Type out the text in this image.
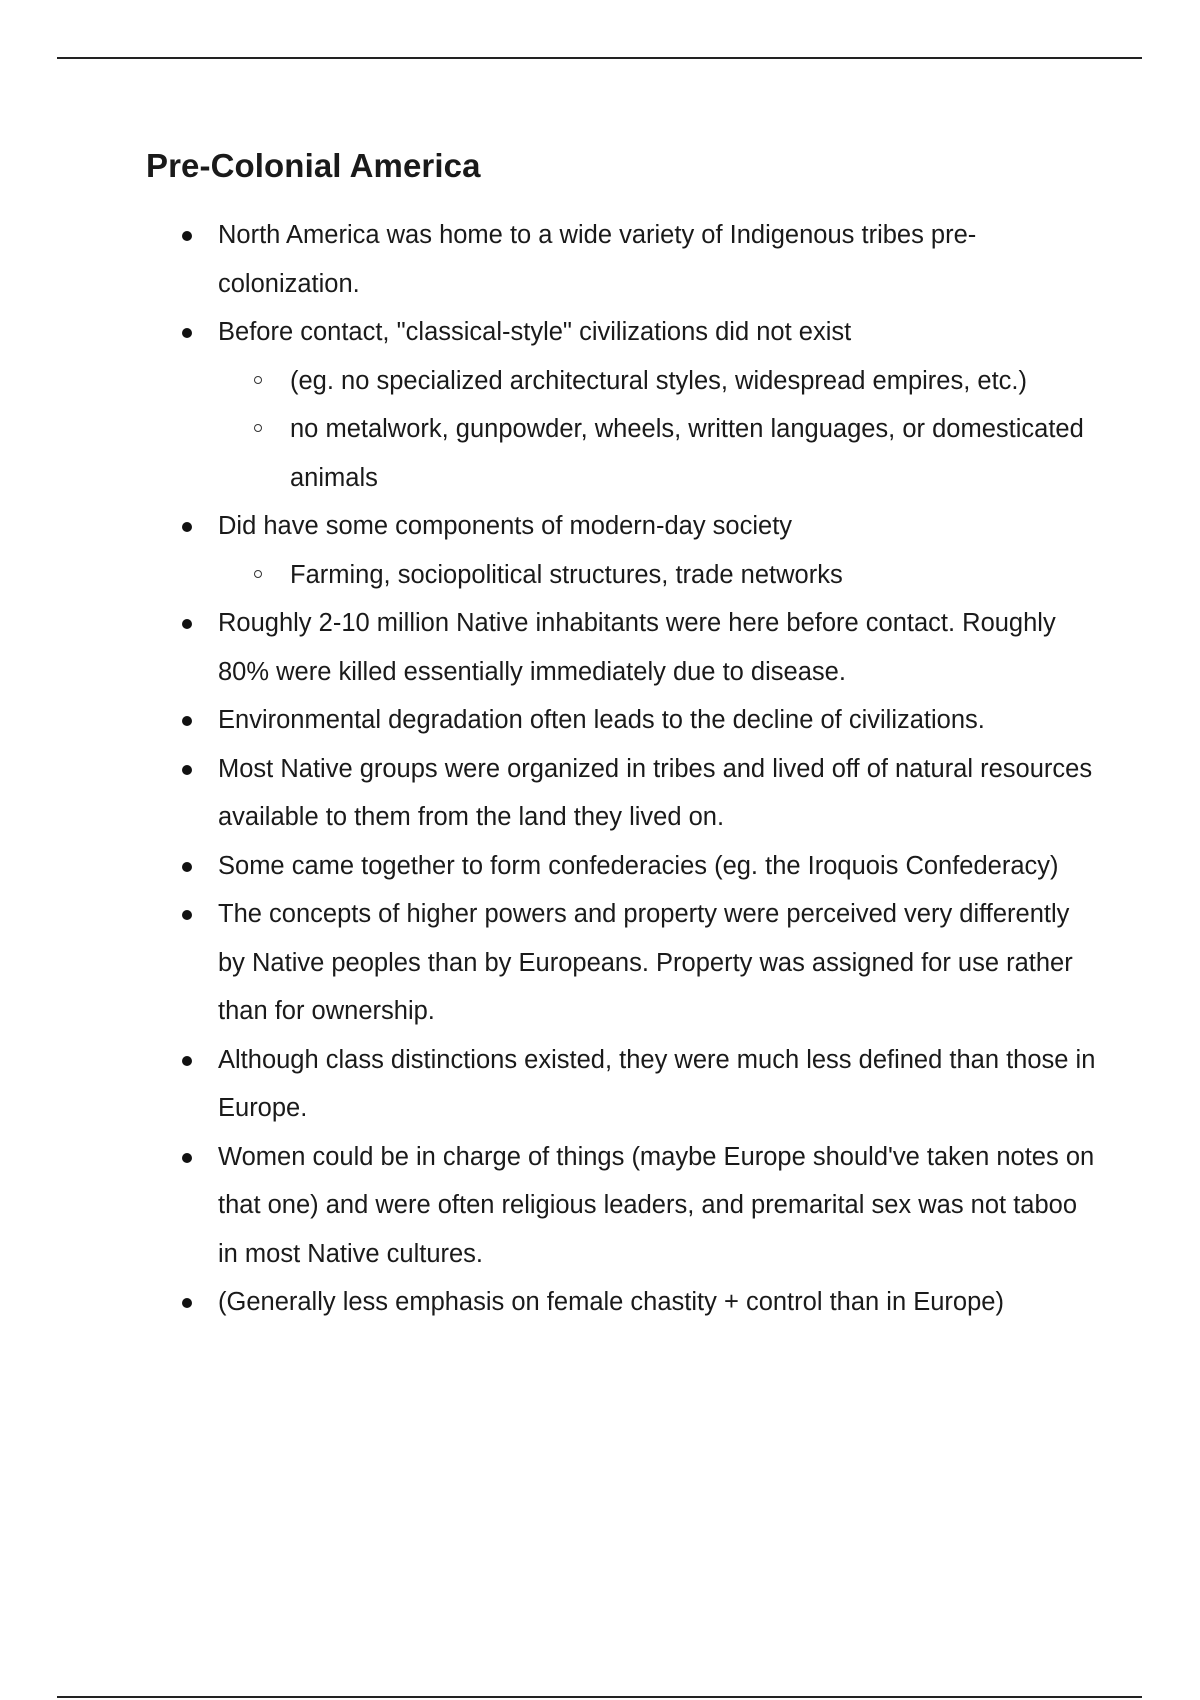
Pre-Colonial America
North America was home to a wide variety of Indigenous tribes pre-colonization.
Before contact, "classical-style" civilizations did not exist
(eg. no specialized architectural styles, widespread empires, etc.)
no metalwork, gunpowder, wheels, written languages, or domesticated animals
Did have some components of modern-day society
Farming, sociopolitical structures, trade networks
Roughly 2-10 million Native inhabitants were here before contact. Roughly 80% were killed essentially immediately due to disease.
Environmental degradation often leads to the decline of civilizations.
Most Native groups were organized in tribes and lived off of natural resources available to them from the land they lived on.
Some came together to form confederacies (eg. the Iroquois Confederacy)
The concepts of higher powers and property were perceived very differently by Native peoples than by Europeans. Property was assigned for use rather than for ownership.
Although class distinctions existed, they were much less defined than those in Europe.
Women could be in charge of things (maybe Europe should've taken notes on that one) and were often religious leaders, and premarital sex was not taboo in most Native cultures.
(Generally less emphasis on female chastity + control than in Europe)
